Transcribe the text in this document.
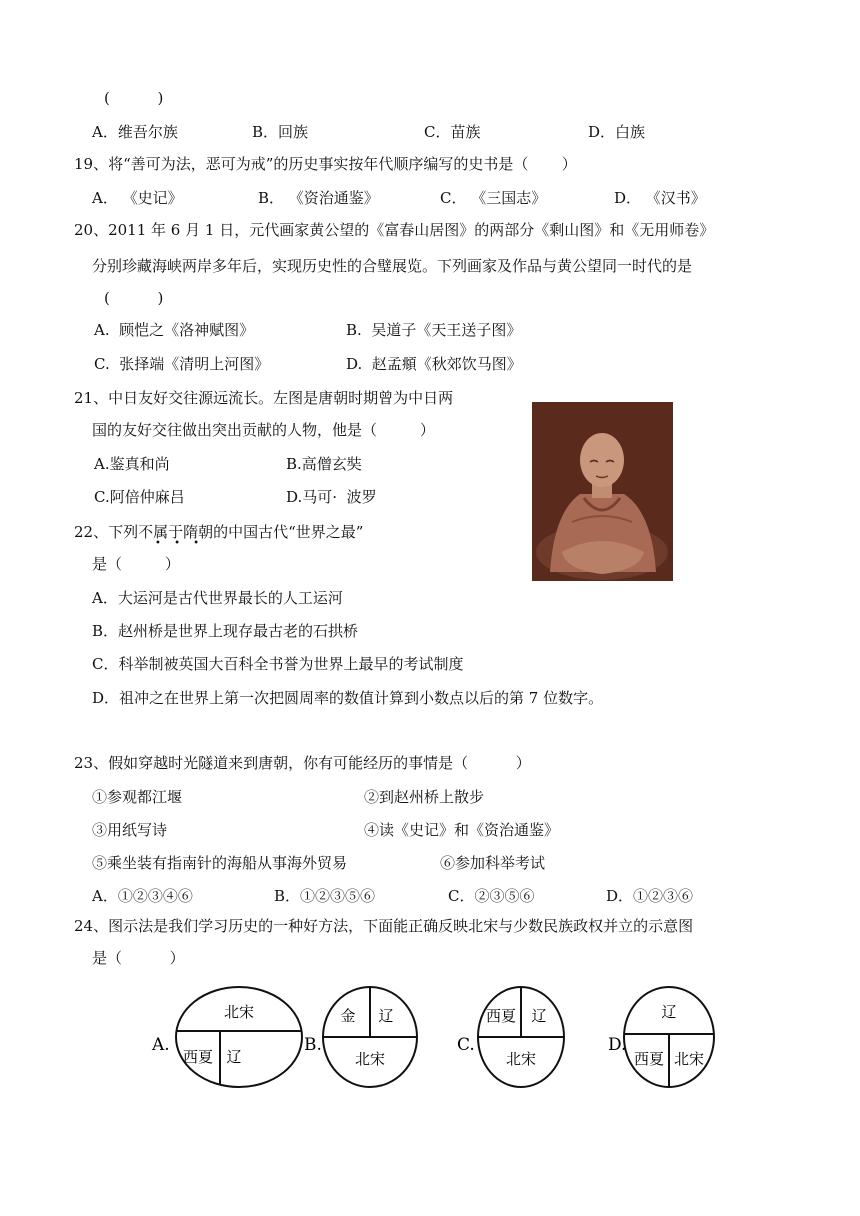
(          )
A．维吾尔族	B．回族	C．苗族	D．白族
19、将“善可为法，恶可为戒”的历史事实按年代顺序编写的史书是（       ）
A． 《史记》	B． 《资治通鉴》	C． 《三国志》	D． 《汉书》
20、2011 年 6 月 1 日，元代画家黄公望的《富春山居图》的两部分《剩山图》和《无用师卷》
分别珍藏海峡两岸多年后，实现历史性的合璧展览。下列画家及作品与黄公望同一时代的是
(          )
A.  顾恺之《洛神赋图》	B.  吴道子《天王送子图》
C.  张择端《清明上河图》	D.  赵孟頫《秋郊饮马图》
21、中日友好交往源远流长。左图是唐朝时期曾为中日两
国的友好交往做出突出贡献的人物，他是（         ）
A.鉴真和尚	B.高僧玄奘
C.阿倍仲麻吕	D.马可·  波罗
22、下列不属于隋朝的中国古代“世界之最”
• • •
是（         ）
A．大运河是古代世界最长的人工运河
B．赵州桥是世界上现存最古老的石拱桥
C．科举制被英国大百科全书誉为世界上最早的考试制度
D．祖冲之在世界上第一次把圆周率的数值计算到小数点以后的第 7 位数字。
23、假如穿越时光隧道来到唐朝，你有可能经历的事情是（          ）
①参观都江堰	②到赵州桥上散步
③用纸写诗	④读《史记》和《资治通鉴》
⑤乘坐装有指南针的海船从事海外贸易	⑥参加科举考试
A．①②③④⑥	B．①②③⑤⑥	C．②③⑤⑥	D．①②③⑥
24、图示法是我们学习历史的一种好方法，下面能正确反映北宋与少数民族政权并立的示意图
是（          ）
A.
北宋
西夏 辽
B.
金 辽
北宋
C.
西夏 辽
北宋
D.
辽
西夏 北宋
